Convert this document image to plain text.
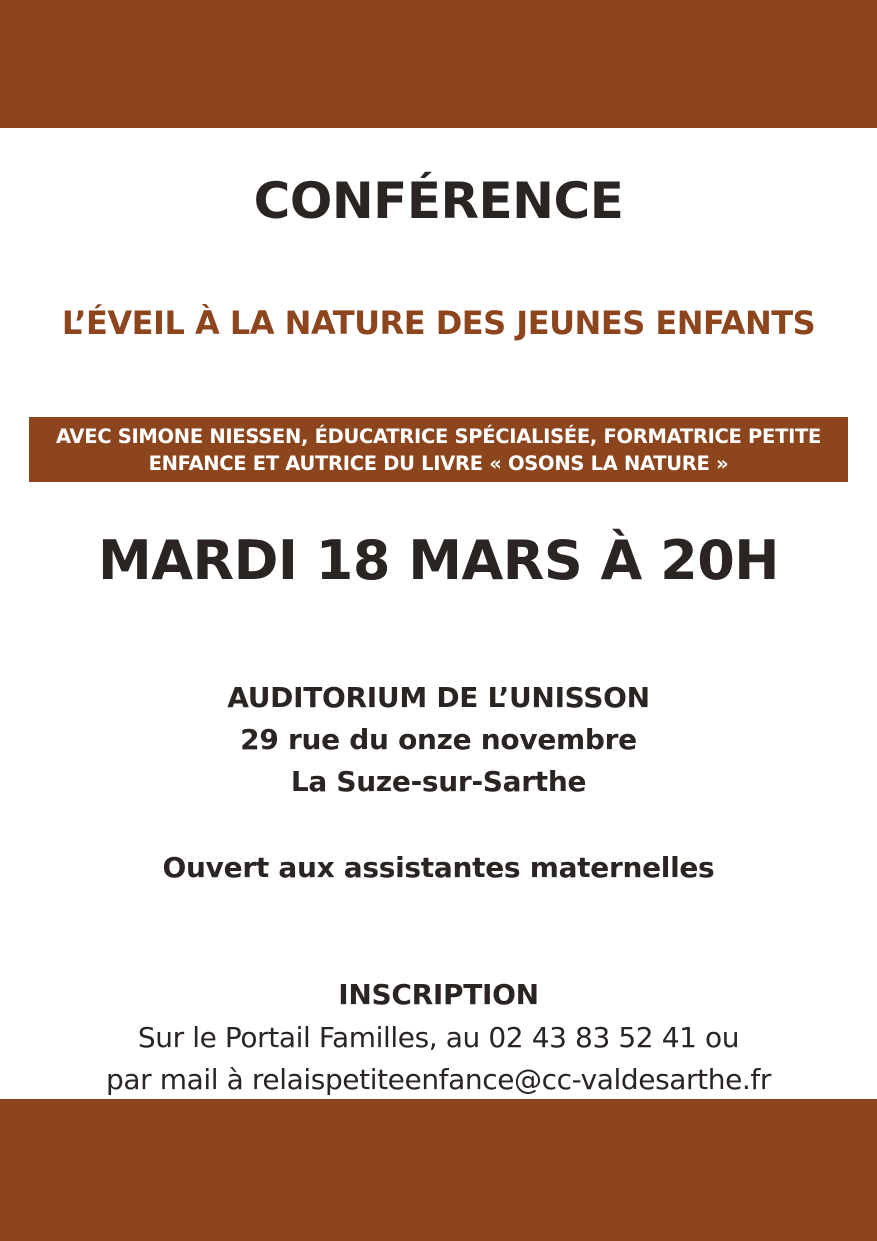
CONFÉRENCE
L’ÉVEIL À LA NATURE DES JEUNES ENFANTS
AVEC SIMONE NIESSEN, ÉDUCATRICE SPÉCIALISÉE, FORMATRICE PETITE
ENFANCE ET AUTRICE DU LIVRE « OSONS LA NATURE »
MARDI 18 MARS À 20H
AUDITORIUM DE L’UNISSON
29 rue du onze novembre
La Suze-sur-Sarthe
Ouvert aux assistantes maternelles
INSCRIPTION
Sur le Portail Familles, au 02 43 83 52 41 ou
par mail à relaispetiteenfance@cc-valdesarthe.fr
